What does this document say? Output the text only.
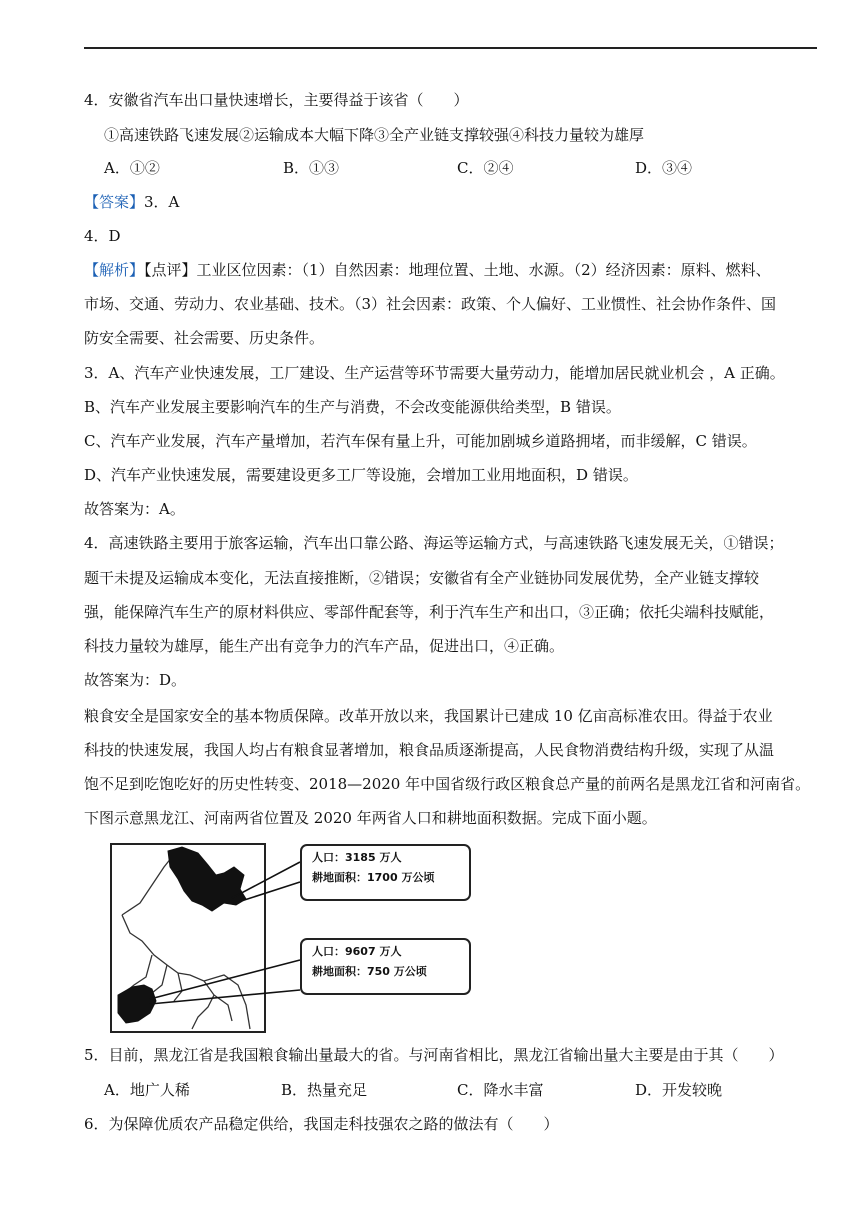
4．安徽省汽车出口量快速增长，主要得益于该省（　　）
①高速铁路飞速发展②运输成本大幅下降③全产业链支撑较强④科技力量较为雄厚
A．①②	B．①③	C．②④	D．③④
【答案】3．A
4．D
【解析】【点评】工业区位因素：（1）自然因素：地理位置、土地、水源。（2）经济因素：原料、燃料、
市场、交通、劳动力、农业基础、技术。（3）社会因素：政策、个人偏好、工业惯性、社会协作条件、国
防安全需要、社会需要、历史条件。
3．A、汽车产业快速发展，工厂建设、生产运营等环节需要大量劳动力，能增加居民就业机会 ，A 正确。
B、汽车产业发展主要影响汽车的生产与消费，不会改变能源供给类型，B 错误。
C、汽车产业发展，汽车产量增加，若汽车保有量上升，可能加剧城乡道路拥堵，而非缓解，C 错误。
D、汽车产业快速发展，需要建设更多工厂等设施，会增加工业用地面积，D 错误。
故答案为：A。
4．高速铁路主要用于旅客运输，汽车出口靠公路、海运等运输方式，与高速铁路飞速发展无关，①错误；
题干未提及运输成本变化，无法直接推断，②错误；安徽省有全产业链协同发展优势，全产业链支撑较
强，能保障汽车生产的原材料供应、零部件配套等，利于汽车生产和出口，③正确；依托尖端科技赋能，
科技力量较为雄厚，能生产出有竞争力的汽车产品，促进出口，④正确。
故答案为：D。
粮食安全是国家安全的基本物质保障。改革开放以来，我国累计已建成 10 亿亩高标准农田。得益于农业
科技的快速发展，我国人均占有粮食显著增加，粮食品质逐渐提高，人民食物消费结构升级，实现了从温
饱不足到吃饱吃好的历史性转变、2018—2020 年中国省级行政区粮食总产量的前两名是黑龙江省和河南省。
下图示意黑龙江、河南两省位置及 2020 年两省人口和耕地面积数据。完成下面小题。
人口：3185 万人
耕地面积：1700 万公顷
人口：9607 万人
耕地面积：750 万公顷
5．目前，黑龙江省是我国粮食输出量最大的省。与河南省相比，黑龙江省输出量大主要是由于其（　　）
A．地广人稀	B．热量充足	C．降水丰富	D．开发较晚
6．为保障优质农产品稳定供给，我国走科技强农之路的做法有（　　）
